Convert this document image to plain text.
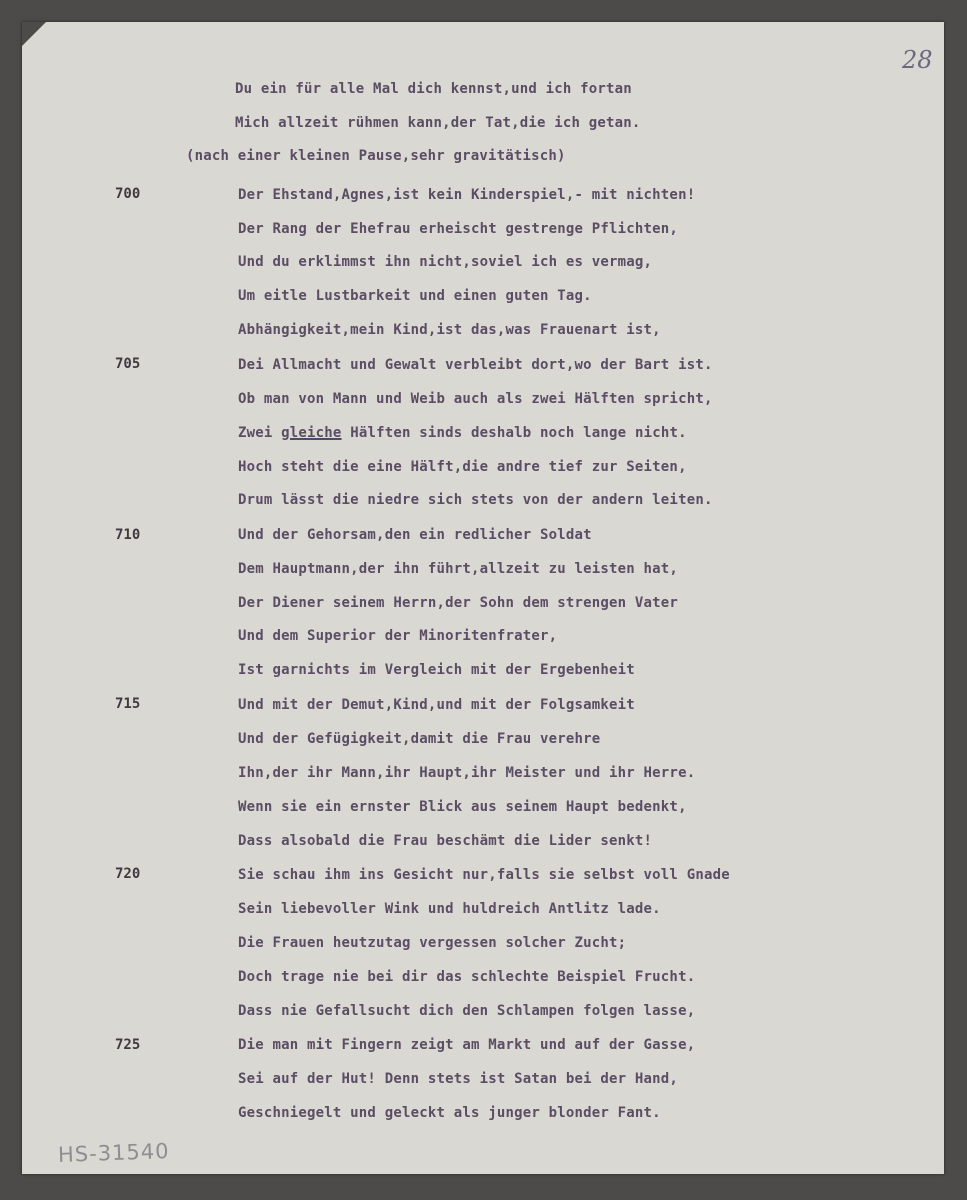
28
Du ein für alle Mal dich kennst,und ich fortan
Mich allzeit rühmen kann,der Tat,die ich getan.
(nach einer kleinen Pause,sehr gravitätisch)
700	Der Ehstand,Agnes,ist kein Kinderspiel,- mit nichten!
Der Rang der Ehefrau erheischt gestrenge Pflichten,
Und du erklimmst ihn nicht,soviel ich es vermag,
Um eitle Lustbarkeit und einen guten Tag.
Abhängigkeit,mein Kind,ist das,was Frauenart ist,
705	Dei Allmacht und Gewalt verbleibt dort,wo der Bart ist.
Ob man von Mann und Weib auch als zwei Hälften spricht,
Zwei gleiche Hälften sinds deshalb noch lange nicht.
Hoch steht die eine Hälft,die andre tief zur Seiten,
Drum lässt die niedre sich stets von der andern leiten.
710	Und der Gehorsam,den ein redlicher Soldat
Dem Hauptmann,der ihn führt,allzeit zu leisten hat,
Der Diener seinem Herrn,der Sohn dem strengen Vater
Und dem Superior der Minoritenfrater,
Ist garnichts im Vergleich mit der Ergebenheit
715	Und mit der Demut,Kind,und mit der Folgsamkeit
Und der Gefügigkeit,damit die Frau verehre
Ihn,der ihr Mann,ihr Haupt,ihr Meister und ihr Herre.
Wenn sie ein ernster Blick aus seinem Haupt bedenkt,
Dass alsobald die Frau beschämt die Lider senkt!
720	Sie schau ihm ins Gesicht nur,falls sie selbst voll Gnade
Sein liebevoller Wink und huldreich Antlitz lade.
Die Frauen heutzutag vergessen solcher Zucht;
Doch trage nie bei dir das schlechte Beispiel Frucht.
Dass nie Gefallsucht dich den Schlampen folgen lasse,
725	Die man mit Fingern zeigt am Markt und auf der Gasse,
Sei auf der Hut! Denn stets ist Satan bei der Hand,
Geschniegelt und geleckt als junger blonder Fant.
HS-31540
